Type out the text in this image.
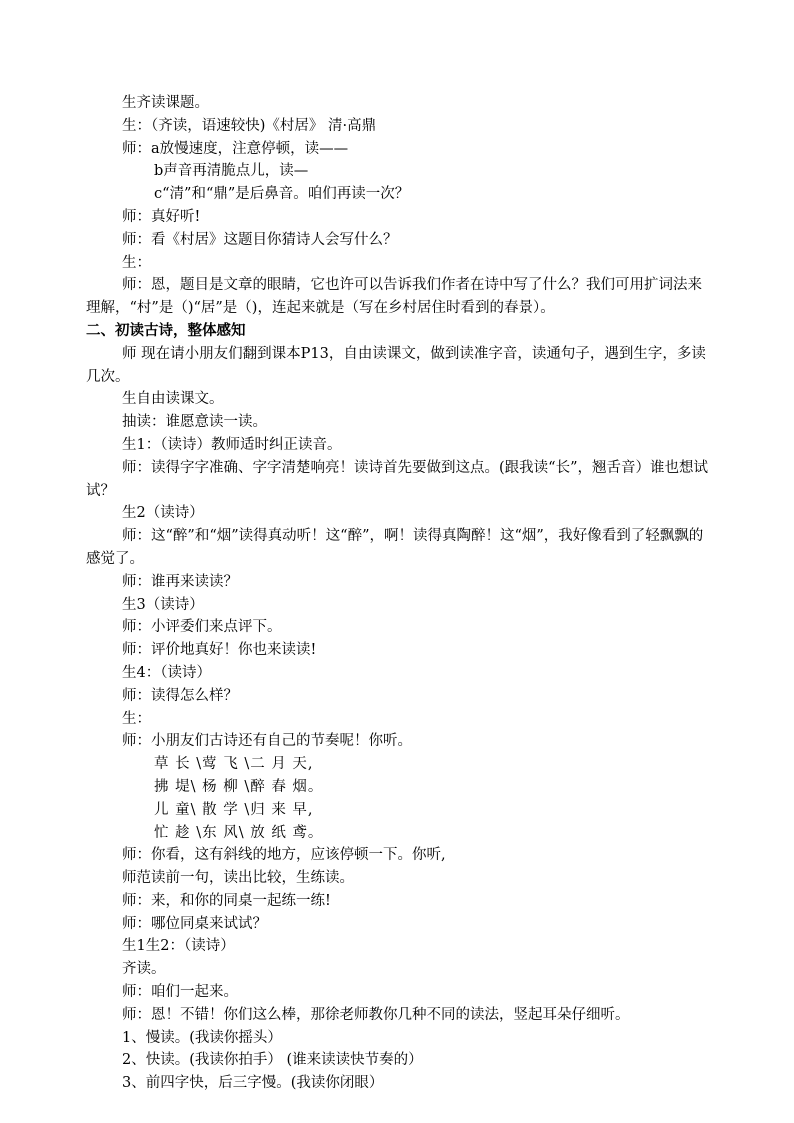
生齐读课题。
生：（齐读，语速较快)《村居》 清·高鼎
师：a放慢速度，注意停顿，读——
b声音再清脆点儿，读—
c“清”和“鼎”是后鼻音。咱们再读一次？
师：真好听!
师：看《村居》这题目你猜诗人会写什么？
生：
师：恩，题目是文章的眼睛，它也许可以告诉我们作者在诗中写了什么？我们可用扩词法来理解，“村”是（)“居”是（)，连起来就是（写在乡村居住时看到的春景）。
二、初读古诗，整体感知
师 现在请小朋友们翻到课本P13，自由读课文，做到读准字音，读通句子，遇到生字，多读几次。
生自由读课文。
抽读：谁愿意读一读。
生1：（读诗）教师适时纠正读音。
师：读得字字准确、字字清楚响亮！读诗首先要做到这点。(跟我读“长”，翘舌音）谁也想试试？
生2（读诗）
师：这“醉”和“烟”读得真动听！这“醉”，啊！读得真陶醉！这“烟”，我好像看到了轻飘飘的感觉了。
师：谁再来读读？
生3（读诗）
师：小评委们来点评下。
师：评价地真好！你也来读读!
生4：（读诗）
师：读得怎么样？
生：
师：小朋友们古诗还有自己的节奏呢！你听。
草 长 \莺 飞 \二 月 天,
拂 堤\ 杨 柳 \醉 春 烟。
儿 童\ 散 学 \归 来 早,
忙 趁 \东 风\ 放 纸 鸢。
师：你看，这有斜线的地方，应该停顿一下。你听,
师范读前一句，读出比较，生练读。
师：来，和你的同桌一起练一练!
师：哪位同桌来试试？
生1生2：（读诗）
齐读。
师：咱们一起来。
师：恩！不错！你们这么棒，那徐老师教你几种不同的读法，竖起耳朵仔细听。
1、慢读。(我读你摇头）
2、快读。(我读你拍手） (谁来读读快节奏的）
3、前四字快，后三字慢。(我读你闭眼）
